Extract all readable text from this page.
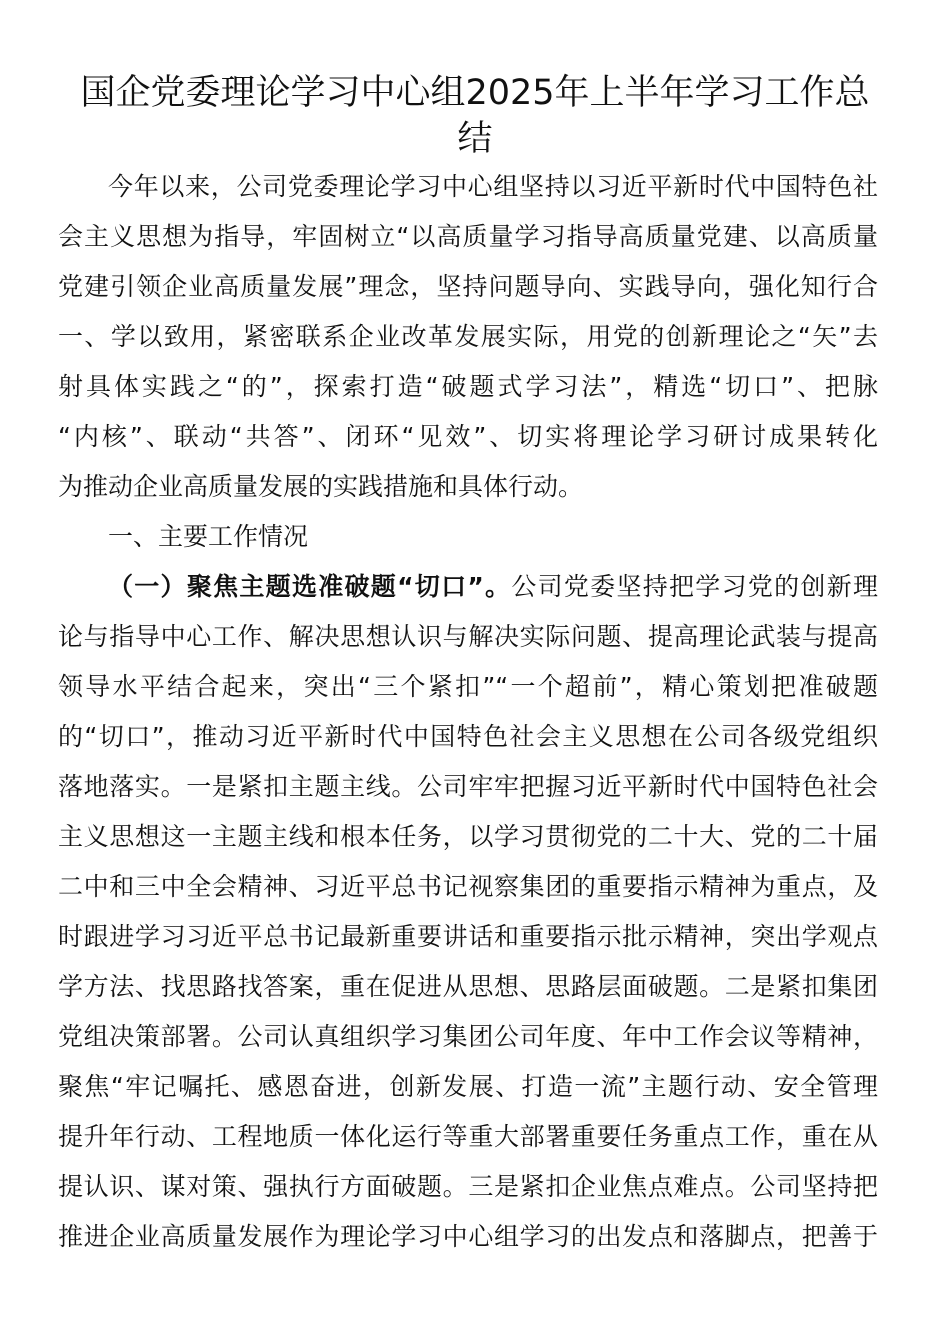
国企党委理论学习中心组2025年上半年学习工作总
结
今年以来，公司党委理论学习中心组坚持以习近平新时代中国特色社
会主义思想为指导，牢固树立“以高质量学习指导高质量党建、以高质量
党建引领企业高质量发展”理念，坚持问题导向、实践导向，强化知行合
一、学以致用，紧密联系企业改革发展实际，用党的创新理论之“矢”去
射具体实践之“的”，探索打造“破题式学习法”，精选“切口”、把脉
“内核”、联动“共答”、闭环“见效”、切实将理论学习研讨成果转化
为推动企业高质量发展的实践措施和具体行动。
一、主要工作情况
（一）聚焦主题选准破题“切口”。公司党委坚持把学习党的创新理
论与指导中心工作、解决思想认识与解决实际问题、提高理论武装与提高
领导水平结合起来，突出“三个紧扣”“一个超前”，精心策划把准破题
的“切口”，推动习近平新时代中国特色社会主义思想在公司各级党组织
落地落实。一是紧扣主题主线。公司牢牢把握习近平新时代中国特色社会
主义思想这一主题主线和根本任务，以学习贯彻党的二十大、党的二十届
二中和三中全会精神、习近平总书记视察集团的重要指示精神为重点，及
时跟进学习习近平总书记最新重要讲话和重要指示批示精神，突出学观点
学方法、找思路找答案，重在促进从思想、思路层面破题。二是紧扣集团
党组决策部署。公司认真组织学习集团公司年度、年中工作会议等精神，
聚焦“牢记嘱托、感恩奋进，创新发展、打造一流”主题行动、安全管理
提升年行动、工程地质一体化运行等重大部署重要任务重点工作，重在从
提认识、谋对策、强执行方面破题。三是紧扣企业焦点难点。公司坚持把
推进企业高质量发展作为理论学习中心组学习的出发点和落脚点，把善于
